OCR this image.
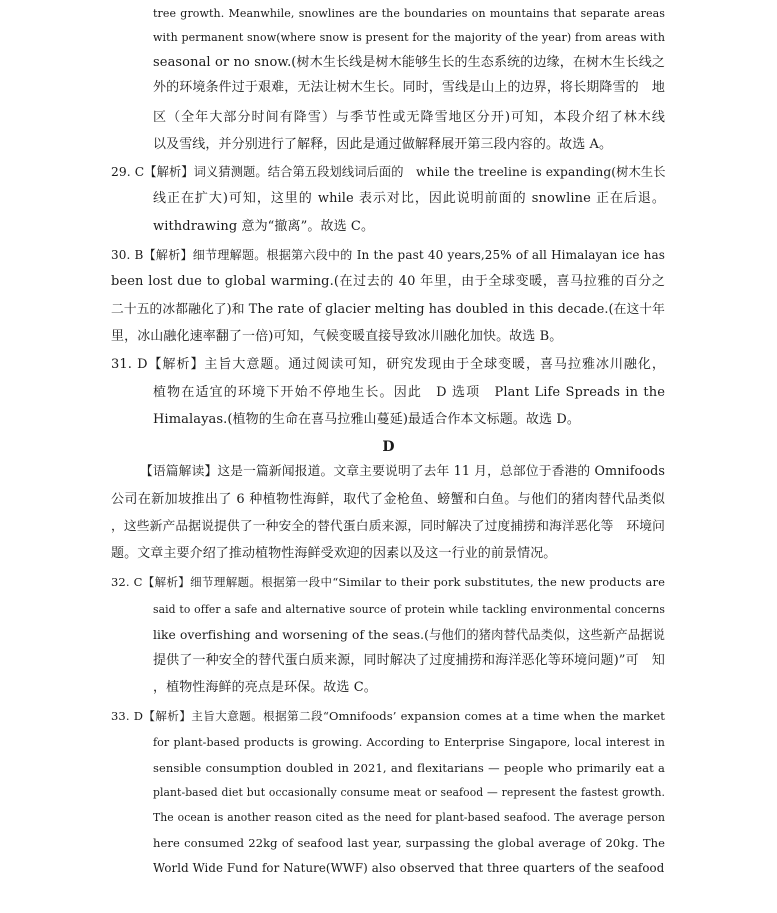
tree growth. Meanwhile, snowlines are the boundaries on mountains that separate areas
with permanent snow(where snow is present for the majority of the year) from areas with
seasonal or no snow.(树木生长线是树木能够生长的生态系统的边缘，在树木生长线之
外的环境条件过于艰难，无法让树木生长。同时，雪线是山上的边界，将长期降雪的　地
区（全年大部分时间有降雪）与季节性或无降雪地区分开)可知，本段介绍了林木线
以及雪线，并分别进行了解释，因此是通过做解释展开第三段内容的。故选 A。
29. C【解析】词义猜测题。结合第五段划线词后面的　while the treeline is expanding(树木生长
线正在扩大)可知，这里的 while 表示对比，因此说明前面的 snowline 正在后退。
withdrawing 意为“撤离”。故选 C。
30. B【解析】细节理解题。根据第六段中的 In the past 40 years,25% of all Himalayan ice has
been lost due to global warming.(在过去的 40 年里，由于全球变暖，喜马拉雅的百分之
二十五的冰都融化了)和 The rate of glacier melting has doubled in this decade.(在这十年
里，冰山融化速率翻了一倍)可知，气候变暖直接导致冰川融化加快。故选 B。
31. D【解析】主旨大意题。通过阅读可知，研究发现由于全球变暖，喜马拉雅冰川融化，
植物在适宜的环境下开始不停地生长。因此　D 选项　Plant Life Spreads in the
Himalayas.(植物的生命在喜马拉雅山蔓延)最适合作本文标题。故选 D。
D
【语篇解读】这是一篇新闻报道。文章主要说明了去年 11 月，总部位于香港的 Omnifoods
公司在新加坡推出了 6 种植物性海鲜，取代了金枪鱼、螃蟹和白鱼。与他们的猪肉替代品类似
，这些新产品据说提供了一种安全的替代蛋白质来源，同时解决了过度捕捞和海洋恶化等　环境问
题。文章主要介绍了推动植物性海鲜受欢迎的因素以及这一行业的前景情况。
32. C【解析】细节理解题。根据第一段中“Similar to their pork substitutes, the new products are
said to offer a safe and alternative source of protein while tackling environmental concerns
like overfishing and worsening of the seas.(与他们的猪肉替代品类似，这些新产品据说
提供了一种安全的替代蛋白质来源，同时解决了过度捕捞和海洋恶化等环境问题)”可　知
，植物性海鲜的亮点是环保。故选 C。
33. D【解析】主旨大意题。根据第二段“Omnifoods’ expansion comes at a time when the market
for plant-based products is growing. According to Enterprise Singapore, local interest in
sensible consumption doubled in 2021, and flexitarians — people who primarily eat a
plant-based diet but occasionally consume meat or seafood — represent the fastest growth.
The ocean is another reason cited as the need for plant-based seafood. The average person
here consumed 22kg of seafood last year, surpassing the global average of 20kg. The
World Wide Fund for Nature(WWF) also observed that three quarters of the seafood
